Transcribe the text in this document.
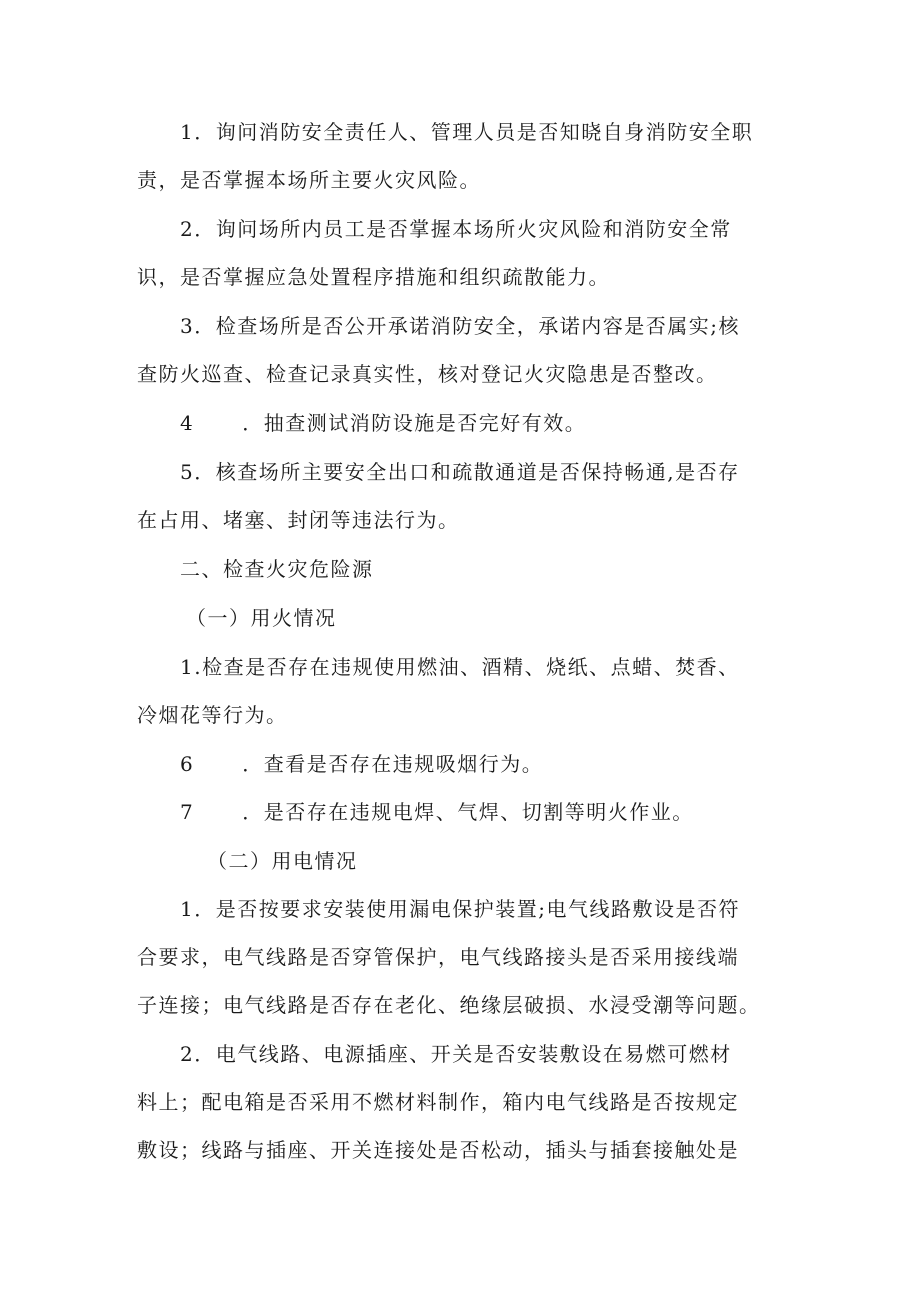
1．询问消防安全责任人、管理人员是否知晓自身消防安全职
责，是否掌握本场所主要火灾风险。
2．询问场所内员工是否掌握本场所火灾风险和消防安全常
识，是否掌握应急处置程序措施和组织疏散能力。
3．检查场所是否公开承诺消防安全，承诺内容是否属实;核
查防火巡查、检查记录真实性，核对登记火灾隐患是否整改。
4 ．抽查测试消防设施是否完好有效。
5．核查场所主要安全出口和疏散通道是否保持畅通,是否存
在占用、堵塞、封闭等违法行为。
二、检查火灾危险源
（一）用火情况
1.检查是否存在违规使用燃油、酒精、烧纸、点蜡、焚香、
冷烟花等行为。
6 ．查看是否存在违规吸烟行为。
7 ．是否存在违规电焊、气焊、切割等明火作业。
（二）用电情况
1．是否按要求安装使用漏电保护装置;电气线路敷设是否符
合要求，电气线路是否穿管保护，电气线路接头是否采用接线端
子连接；电气线路是否存在老化、绝缘层破损、水浸受潮等问题。
2．电气线路、电源插座、开关是否安装敷设在易燃可燃材
料上；配电箱是否采用不燃材料制作，箱内电气线路是否按规定
敷设；线路与插座、开关连接处是否松动，插头与插套接触处是
